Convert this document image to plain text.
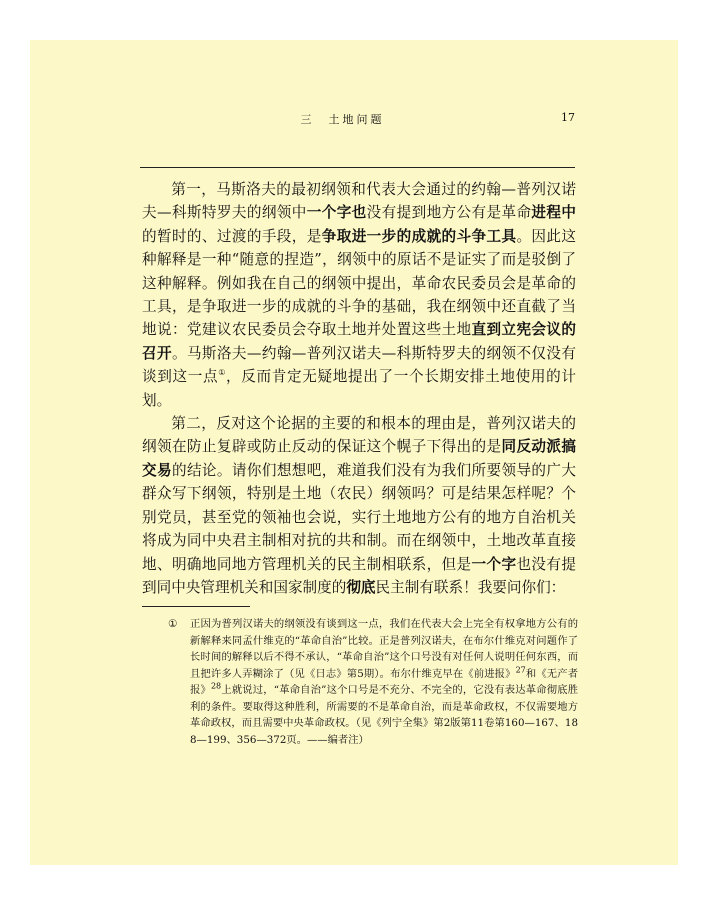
三　土地问题	17

第一，马斯洛夫的最初纲领和代表大会通过的约翰—普列汉诺夫—科斯特罗夫的纲领中一个字也没有提到地方公有是革命进程中的暂时的、过渡的手段，是争取进一步的成就的斗争工具。因此这种解释是一种“随意的捏造”，纲领中的原话不是证实了而是驳倒了这种解释。例如我在自己的纲领中提出，革命农民委员会是革命的工具，是争取进一步的成就的斗争的基础，我在纲领中还直截了当地说：党建议农民委员会夺取土地并处置这些土地直到立宪会议的召开。马斯洛夫—约翰—普列汉诺夫—科斯特罗夫的纲领不仅没有谈到这一点①，反而肯定无疑地提出了一个长期安排土地使用的计划。

第二，反对这个论据的主要的和根本的理由是，普列汉诺夫的纲领在防止复辟或防止反动的保证这个幌子下得出的是同反动派搞交易的结论。请你们想想吧，难道我们没有为我们所要领导的广大群众写下纲领，特别是土地（农民）纲领吗？可是结果怎样呢？个别党员，甚至党的领袖也会说，实行土地地方公有的地方自治机关将成为同中央君主制相对抗的共和制。而在纲领中，土地改革直接地、明确地同地方管理机关的民主制相联系，但是一个字也没有提到同中央管理机关和国家制度的彻底民主制有联系！我要问你们：

① 正因为普列汉诺夫的纲领没有谈到这一点，我们在代表大会上完全有权拿地方公有的新解释来同孟什维克的“革命自治”比较。正是普列汉诺夫，在布尔什维克对问题作了长时间的解释以后不得不承认，“革命自治”这个口号没有对任何人说明任何东西，而且把许多人弄糊涂了（见《日志》第5期）。布尔什维克早在《前进报》$^{27}$和《无产者报》$^{28}$上就说过，“革命自治”这个口号是不充分、不完全的，它没有表达革命彻底胜利的条件。要取得这种胜利，所需要的不是革命自治，而是革命政权，不仅需要地方革命政权，而且需要中央革命政权。（见《列宁全集》第2版第11卷第160—167、188—199、356—372页。——编者注）
